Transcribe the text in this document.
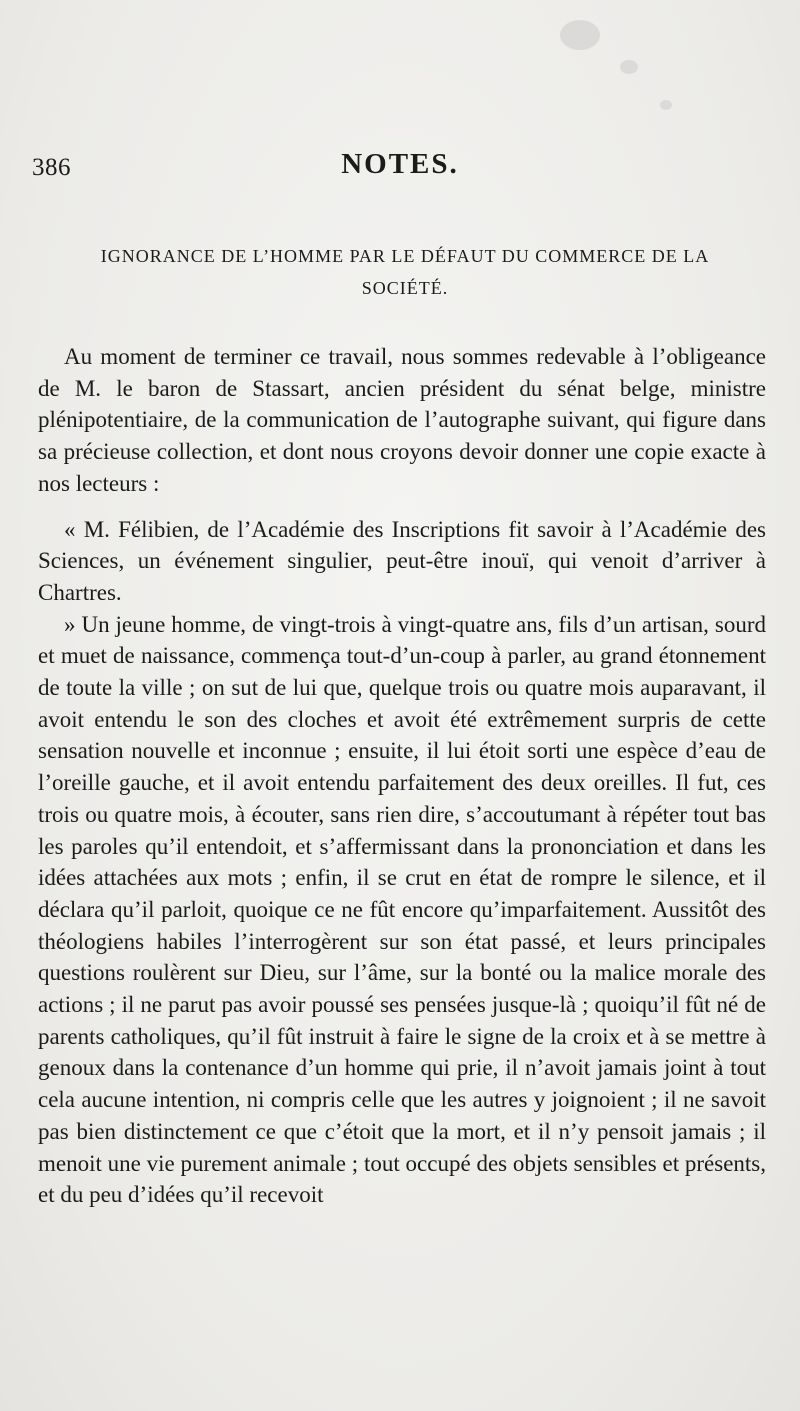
386	NOTES.
IGNORANCE DE L’HOMME PAR LE DÉFAUT DU COMMERCE DE LA SOCIÉTÉ.

Au moment de terminer ce travail, nous sommes redevable à l’obligeance de M. le baron de Stassart, ancien président du sénat belge, ministre plénipotentiaire, de la communication de l’autographe suivant, qui figure dans sa précieuse collection, et dont nous croyons devoir donner une copie exacte à nos lecteurs :

« M. Félibien, de l’Académie des Inscriptions fit savoir à l’Académie des Sciences, un événement singulier, peut-être inouï, qui venoit d’arriver à Chartres.

» Un jeune homme, de vingt-trois à vingt-quatre ans, fils d’un artisan, sourd et muet de naissance, commença tout-d’un-coup à parler, au grand étonnement de toute la ville ; on sut de lui que, quelque trois ou quatre mois auparavant, il avoit entendu le son des cloches et avoit été extrêmement surpris de cette sensation nouvelle et inconnue ; ensuite, il lui étoit sorti une espèce d’eau de l’oreille gauche, et il avoit entendu parfaitement des deux oreilles. Il fut, ces trois ou quatre mois, à écouter, sans rien dire, s’accoutumant à répéter tout bas les paroles qu’il entendoit, et s’affermissant dans la prononciation et dans les idées attachées aux mots ; enfin, il se crut en état de rompre le silence, et il déclara qu’il parloit, quoique ce ne fût encore qu’imparfaitement. Aussitôt des théologiens habiles l’interrogèrent sur son état passé, et leurs principales questions roulèrent sur Dieu, sur l’âme, sur la bonté ou la malice morale des actions ; il ne parut pas avoir poussé ses pensées jusque-là ; quoiqu’il fût né de parents catholiques, qu’il fût instruit à faire le signe de la croix et à se mettre à genoux dans la contenance d’un homme qui prie, il n’avoit jamais joint à tout cela aucune intention, ni compris celle que les autres y joignoient ; il ne savoit pas bien distinctement ce que c’étoit que la mort, et il n’y pensoit jamais ; il menoit une vie purement animale ; tout occupé des objets sensibles et présents, et du peu d’idées qu’il recevoit
